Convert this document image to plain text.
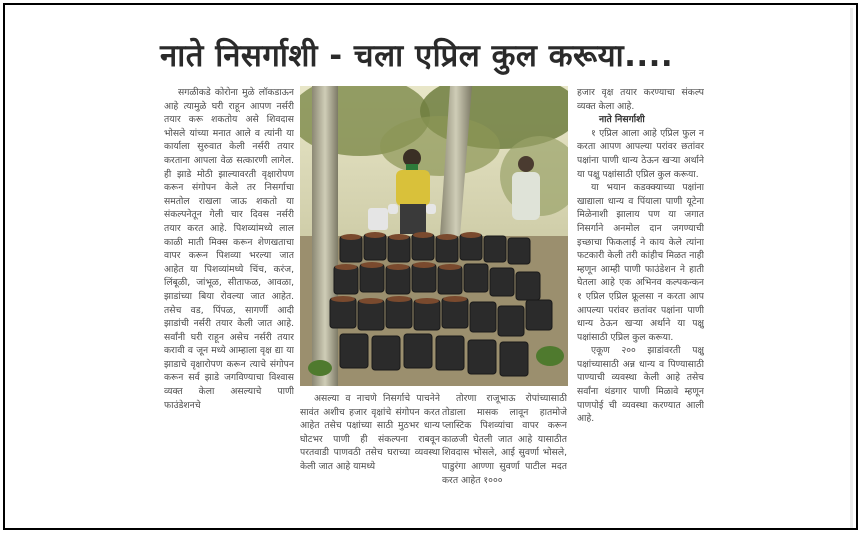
नाते निसर्गाशी - चला एप्रिल कुल करूया....

सगळीकडे कोरोना मुळे लॉकडाऊन आहे त्यामुळे घरी राहून आपण नर्सरी तयार करू शकतोय असे शिवदास भोसले यांच्या मनात आले व त्यांनी या कार्याला सुरुवात केली नर्सरी तयार करताना आपला वेळ सत्कारणी लागेल. ही झाडे मोठी झाल्यावरती वृक्षारोपण करून संगोपन केले तर निसर्गाचा समतोल राखला जाऊ शकतो या संकल्पनेतून गेली चार दिवस नर्सरी तयार करत आहे. पिशव्यांमध्ये लाल काळी माती मिक्स करून शेणखताचा वापर करून पिशव्या भरल्या जात आहेत या पिशव्यांमध्ये चिंच, करंज, लिंबूळी, जांभूळ, सीताफळ, आवळा, झाडांच्या बिया रोवल्या जात आहेत. तसेच वड, पिंपळ, सागर्णी आदी झाडांची नर्सरी तयार केली जात आहे. सर्वांनी घरी राहून असेच नर्सरी तयार करावी व जून मध्ये आम्हाला वृक्ष द्या या झाडाचे वृक्षारोपण करून त्याचे संगोपन करून सर्व झाडे जगविण्याचा विश्वास व्यक्त केला असल्याचे पाणी फाउंडेशनचे

असल्या व नाचणे निसर्गाचे पाचनेने सावंत अशीच हजार वृक्षांचे संगोपन करत आहेत तसेच पक्षांच्या साठी मुठभर धान्य घोटभर पाणी ही संकल्पना राबवून परतवाडी पाणवठी तसेच घराच्या व्यवस्था केली जात आहे यामध्ये

तोरणा राजूभाऊ रोपांच्यासाठी तोडाला मासक लावून हातमोजे प्लास्टिक पिशव्यांचा वापर करून काळजी घेतली जात आहे यासाठीत शिवदास भोसले, आई सुवर्णा भोसले, पाडुरंगा आण्णा सुवर्णा पाटील मदत करत आहेत १०००

हजार वृक्ष तयार करण्याचा संकल्प व्यक्त केला आहे.

नाते निसर्गाशी

१ एप्रिल आला आहे एप्रिल फुल न करता आपण आपल्या परांवर छतांवर पक्षांना पाणी धान्य ठेऊन खर्‍या अर्थाने या पक्षु पक्षांसाठी एप्रिल कुल करूया.

या भयान कडक्क्याच्या पक्षांना खाद्याला धान्य व पिंयाला पाणी यूटेना मिळेनाशी झालाय पण या जगात निसर्गाने अनमोल दान जगण्याची इच्छाचा फिकलाई ने काय केले त्यांना फटकारी केली तरी कांहीच मिळत नाही म्हणून आम्ही पाणी फाउंडेशन ने हाती घेतला आहे एक अभिनव कल्पकन्कन १ एप्रिल एप्रिल फ्रूलसा न करता आप आपल्या परांवर छतांवर पक्षांना पाणी धान्य ठेऊन खर्‍या अर्थाने या पक्षु पक्षांसाठी एप्रिल कुल करूया.

एकूण २०० झाडांवरती पक्षु पक्षांच्यासाठी अन्न धान्य व पिण्यासाठी पाण्याची व्यवस्था केली आहे तसेच सर्वांना थंडगार पाणी मिळावे म्हणून पाणपोई ची व्यवस्था करण्यात आली आहे.
